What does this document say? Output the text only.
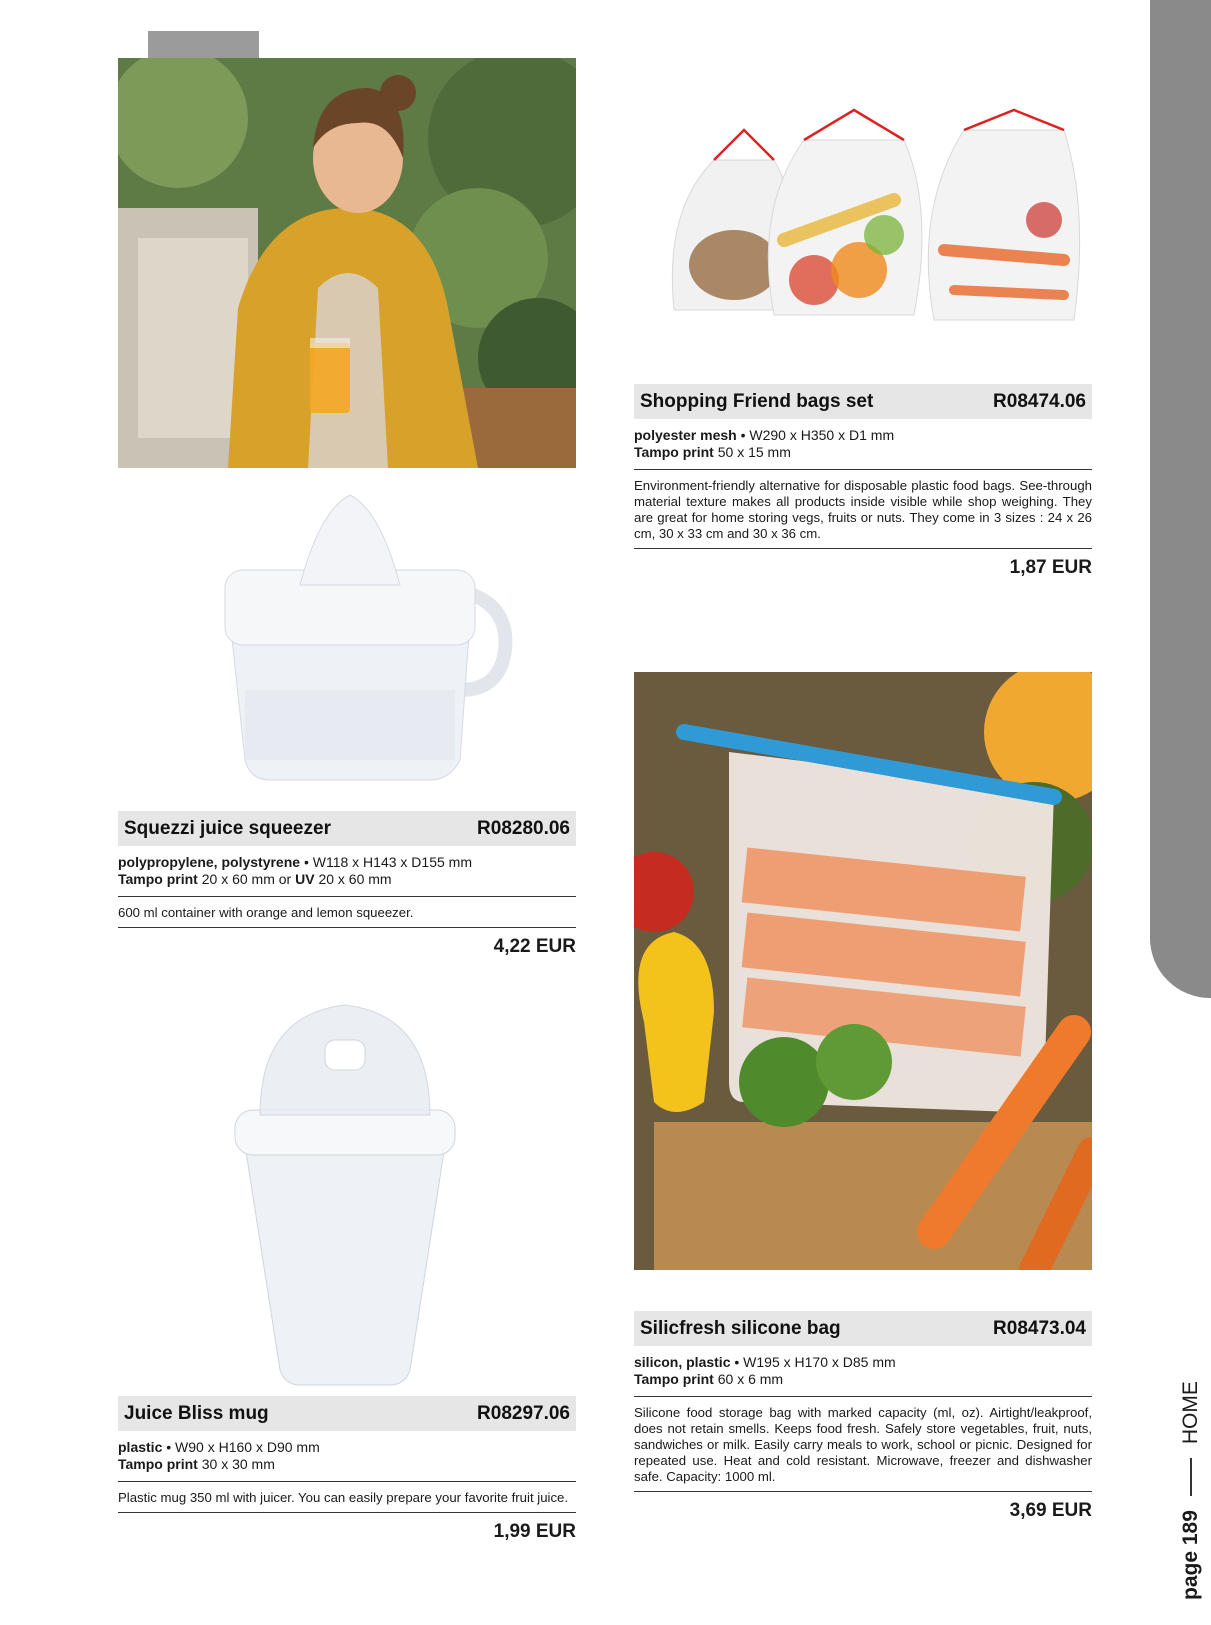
Shopping Friend bags set	R08474.06
polyester mesh • W290 x H350 x D1 mm
Tampo print 50 x 15 mm
Environment-friendly alternative for disposable plastic food bags. See-through material texture makes all products inside visible while shop weighing. They are great for home storing vegs, fruits or nuts. They come in 3 sizes : 24 x 26 cm, 30 x 33 cm and 30 x 36 cm.
1,87 EUR
Squezzi juice squeezer	R08280.06
polypropylene, polystyrene • W118 x H143 x D155 mm
Tampo print 20 x 60 mm or UV 20 x 60 mm
600 ml container with orange and lemon squeezer.
4,22 EUR
Silicfresh silicone bag	R08473.04
silicon, plastic • W195 x H170 x D85 mm
Tampo print 60 x 6 mm
Silicone food storage bag with marked capacity (ml, oz). Airtight/leakproof, does not retain smells. Keeps food fresh. Safely store vegetables, fruit, nuts, sandwiches or milk. Easily carry meals to work, school or picnic. Designed for repeated use. Heat and cold resistant. Microwave, freezer and dishwasher safe. Capacity: 1000 ml.
3,69 EUR
Juice Bliss mug	R08297.06
plastic • W90 x H160 x D90 mm
Tampo print 30 x 30 mm
Plastic mug 350 ml with juicer. You can easily prepare your favorite fruit juice.
1,99 EUR	page 189
HOME
